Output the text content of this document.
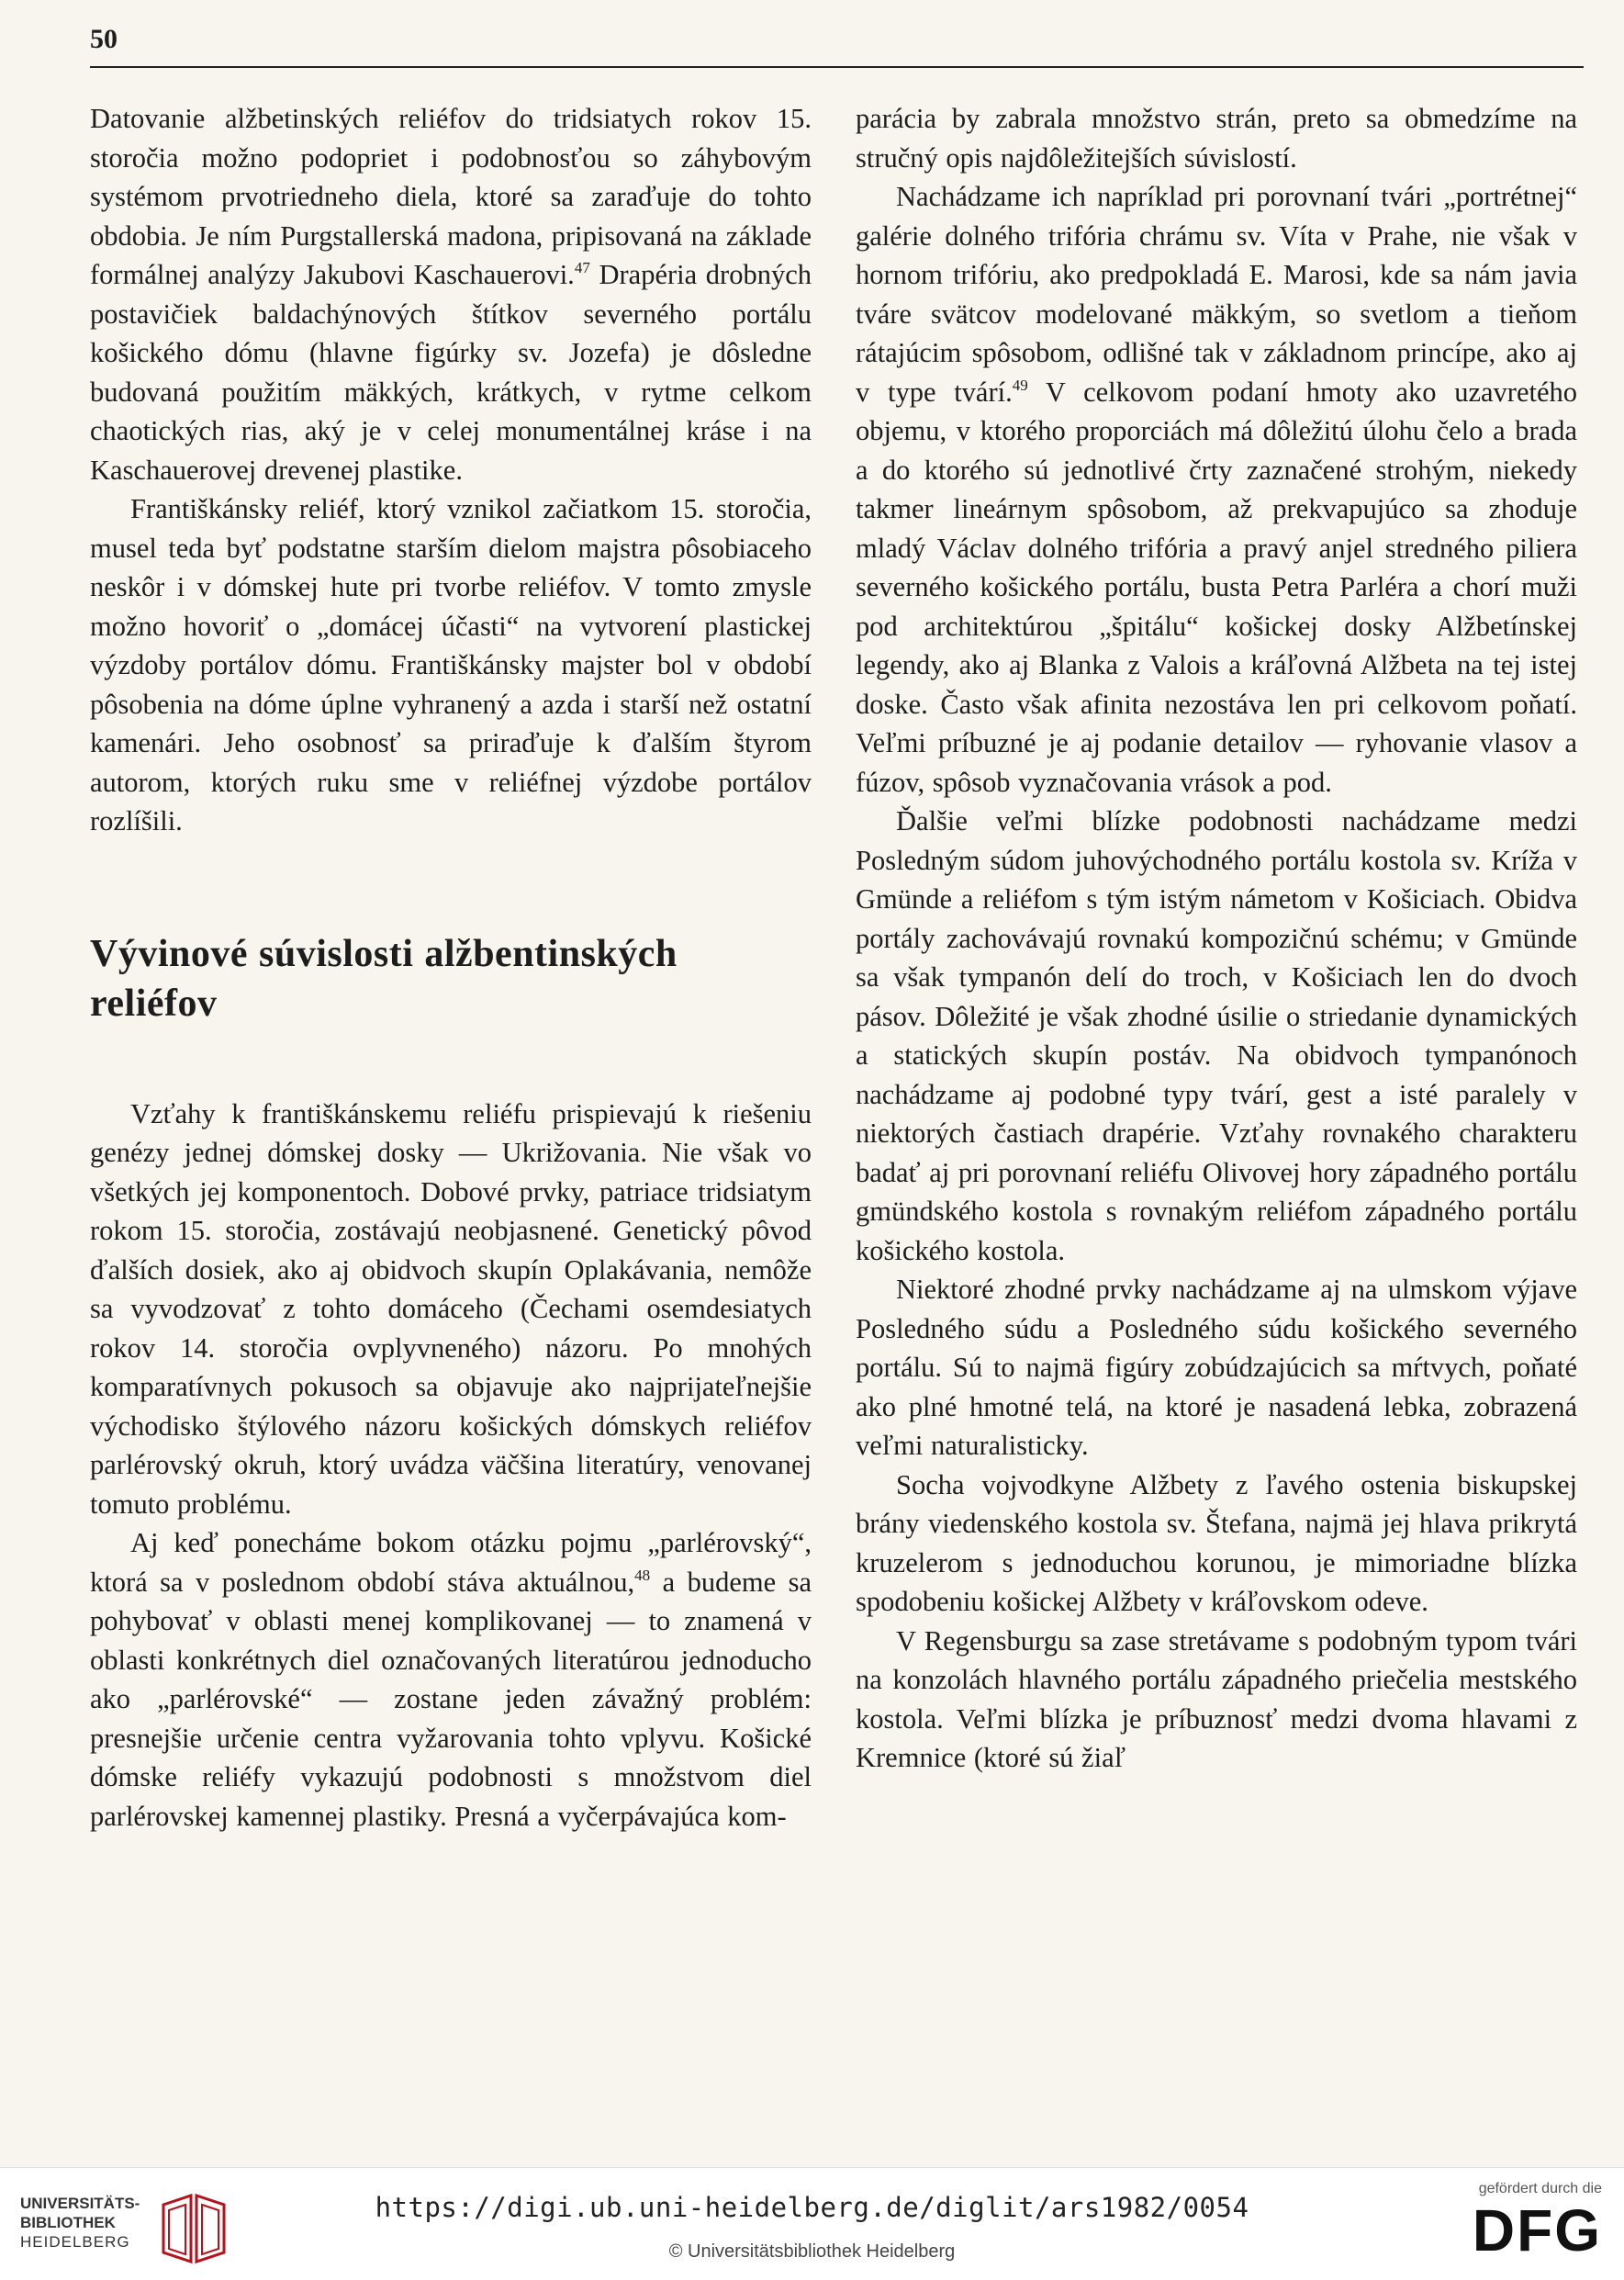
50

Datovanie alžbetinských reliéfov do tridsiatych rokov 15. storočia možno podopriet i podobnosťou so záhybovým systémom prvotriedneho diela, ktoré sa zaraďuje do tohto obdobia. Je ním Purgstallerská madona, pripisovaná na základe formálnej analýzy Jakubovi Kaschauerovi.$^{47}$ Drapéria drobných postavičiek baldachýnových štítkov severného portálu košického dómu (hlavne figúrky sv. Jozefa) je dôsledne budovaná použitím mäkkých, krátkych, v rytme celkom chaotických rias, aký je v celej monumentálnej kráse i na Kaschauerovej drevenej plastike.

Františkánsky reliéf, ktorý vznikol začiatkom 15. storočia, musel teda byť podstatne starším dielom majstra pôsobiaceho neskôr i v dómskej hute pri tvorbe reliéfov. V tomto zmysle možno hovoriť o „domácej účasti“ na vytvorení plastickej výzdoby portálov dómu. Františkánsky majster bol v období pôsobenia na dóme úplne vyhranený a azda i starší než ostatní kamenári. Jeho osobnosť sa priraďuje k ďalším štyrom autorom, ktorých ruku sme v reliéfnej výzdobe portálov rozlíšili.

Vývinové súvislosti alžbentinských reliéfov

Vzťahy k františkánskemu reliéfu prispievajú k riešeniu genézy jednej dómskej dosky — Ukrižovania. Nie však vo všetkých jej komponentoch. Dobové prvky, patriace tridsiatym rokom 15. storočia, zostávajú neobjasnené. Genetický pôvod ďalších dosiek, ako aj obidvoch skupín Oplakávania, nemôže sa vyvodzovať z tohto domáceho (Čechami osemdesiatych rokov 14. storočia ovplyvneného) názoru. Po mnohých komparatívnych pokusoch sa objavuje ako najprijateľnejšie východisko štýlového názoru košických dómskych reliéfov parlérovský okruh, ktorý uvádza väčšina literatúry, venovanej tomuto problému.

Aj keď ponecháme bokom otázku pojmu „parlérovský“, ktorá sa v poslednom období stáva aktuálnou,$^{48}$ a budeme sa pohybovať v oblasti menej komplikovanej — to znamená v oblasti konkrétnych diel označovaných literatúrou jednoducho ako „parlérovské“ — zostane jeden závažný problém: presnejšie určenie centra vyžarovania tohto vplyvu. Košické dómske reliéfy vykazujú podobnosti s množstvom diel parlérovskej kamennej plastiky. Presná a vyčerpávajúca kom-

parácia by zabrala množstvo strán, preto sa obmedzíme na stručný opis najdôležitejších súvislostí.

Nachádzame ich napríklad pri porovnaní tvári „portrétnej“ galérie dolného trifória chrámu sv. Víta v Prahe, nie však v hornom trifóriu, ako predpokladá E. Marosi, kde sa nám javia tváre svätcov modelované mäkkým, so svetlom a tieňom rátajúcim spôsobom, odlišné tak v základnom princípe, ako aj v type tvárí.$^{49}$ V celkovom podaní hmoty ako uzavretého objemu, v ktorého proporciách má dôležitú úlohu čelo a brada a do ktorého sú jednotlivé črty zaznačené strohým, niekedy takmer lineárnym spôsobom, až prekvapujúco sa zhoduje mladý Václav dolného trifória a pravý anjel stredného piliera severného košického portálu, busta Petra Parléra a chorí muži pod architektúrou „špitálu“ košickej dosky Alžbetínskej legendy, ako aj Blanka z Valois a kráľovná Alžbeta na tej istej doske. Často však afinita nezostáva len pri celkovom poňatí. Veľmi príbuzné je aj podanie detailov — ryhovanie vlasov a fúzov, spôsob vyznačovania vrások a pod.

Ďalšie veľmi blízke podobnosti nachádzame medzi Posledným súdom juhovýchodného portálu kostola sv. Kríža v Gmünde a reliéfom s tým istým námetom v Košiciach. Obidva portály zachovávajú rovnakú kompozičnú schému; v Gmünde sa však tympanón delí do troch, v Košiciach len do dvoch pásov. Dôležité je však zhodné úsilie o striedanie dynamických a statických skupín postáv. Na obidvoch tympanónoch nachádzame aj podobné typy tvárí, gest a isté paralely v niektorých častiach drapérie. Vzťahy rovnakého charakteru badať aj pri porovnaní reliéfu Olivovej hory západného portálu gmündského kostola s rovnakým reliéfom západného portálu košického kostola.

Niektoré zhodné prvky nachádzame aj na ulmskom výjave Posledného súdu a Posledného súdu košického severného portálu. Sú to najmä figúry zobúdzajúcich sa mŕtvych, poňaté ako plné hmotné telá, na ktoré je nasadená lebka, zobrazená veľmi naturalisticky.

Socha vojvodkyne Alžbety z ľavého ostenia biskupskej brány viedenského kostola sv. Štefana, najmä jej hlava prikrytá kruzelerom s jednoduchou korunou, je mimoriadne blízka spodobeniu košickej Alžbety v kráľovskom odeve.

V Regensburgu sa zase stretávame s podobným typom tvári na konzolách hlavného portálu západného priečelia mestského kostola. Veľmi blízka je príbuznosť medzi dvoma hlavami z Kremnice (ktoré sú žiaľ

UNIVERSITÄTS-
BIBLIOTHEK
HEIDELBERG
https://digi.ub.uni-heidelberg.de/diglit/ars1982/0054
© Universitätsbibliothek Heidelberg
gefördert durch die
DFG
